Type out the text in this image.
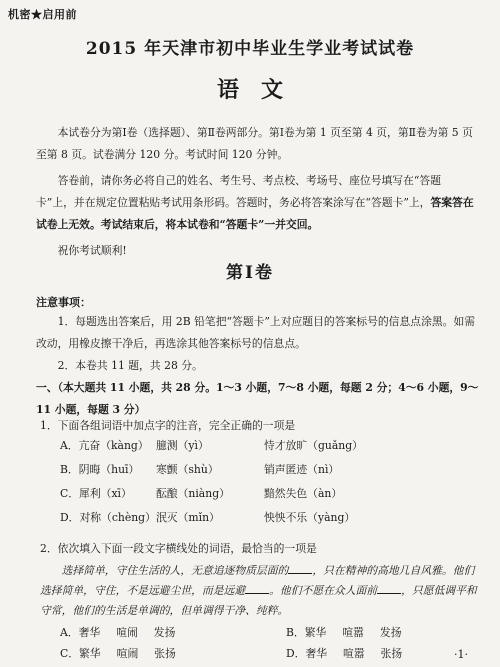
机密★启用前
2015 年天津市初中毕业生学业考试试卷
语文
本试卷分为第Ⅰ卷（选择题）、第Ⅱ卷两部分。第Ⅰ卷为第 1 页至第 4 页，第Ⅱ卷为第 5 页至第 8 页。试卷满分 120 分。考试时间 120 分钟。
答卷前，请你务必将自己的姓名、考生号、考点校、考场号、座位号填写在“答题卡”上，并在规定位置粘贴考试用条形码。答题时，务必将答案涂写在“答题卡”上，答案答在试卷上无效。考试结束后，将本试卷和“答题卡”一并交回。
祝你考试顺利!
第Ⅰ卷
注意事项：
1．每题选出答案后，用 2B 铅笔把“答题卡”上对应题目的答案标号的信息点涂黑。如需改动，用橡皮擦干净后，再选涂其他答案标号的信息点。
2．本卷共 11 题，共 28 分。
一、（本大题共 11 小题，共 28 分。1～3 小题，7～8 小题，每题 2 分；4～6 小题，9～11 小题，每题 3 分）
1．下面各组词语中加点字的注音，完全正确的一项是
A．亢奋（kàng） 臆测（yì）	恃才放旷（guǎng）
B．阴晦（huī） 寒颤（shù）	销声匿迹（nì）
C．犀利（xī） 酝酿（niàng）	黯然失色（àn）
D．对称（chèng） 泯灭（mǐn）	怏怏不乐（yàng）
2．依次填入下面一段文字横线处的词语，最恰当的一项是
选择简单，守住生活的人，无意追逐物质层面的 ，只在精神的高地几自风雅。他们选择简单，守住，不是远避尘世，而是远避 。他们不愿在众人面前 ，只愿低调平和守常，他们的生活是单调的，但单调得干净、纯粹。
A．奢华 喧闹 发扬	B．繁华 喧嚣 发扬
C．繁华 喧闹 张扬	D．奢华 喧嚣 张扬	·1·
